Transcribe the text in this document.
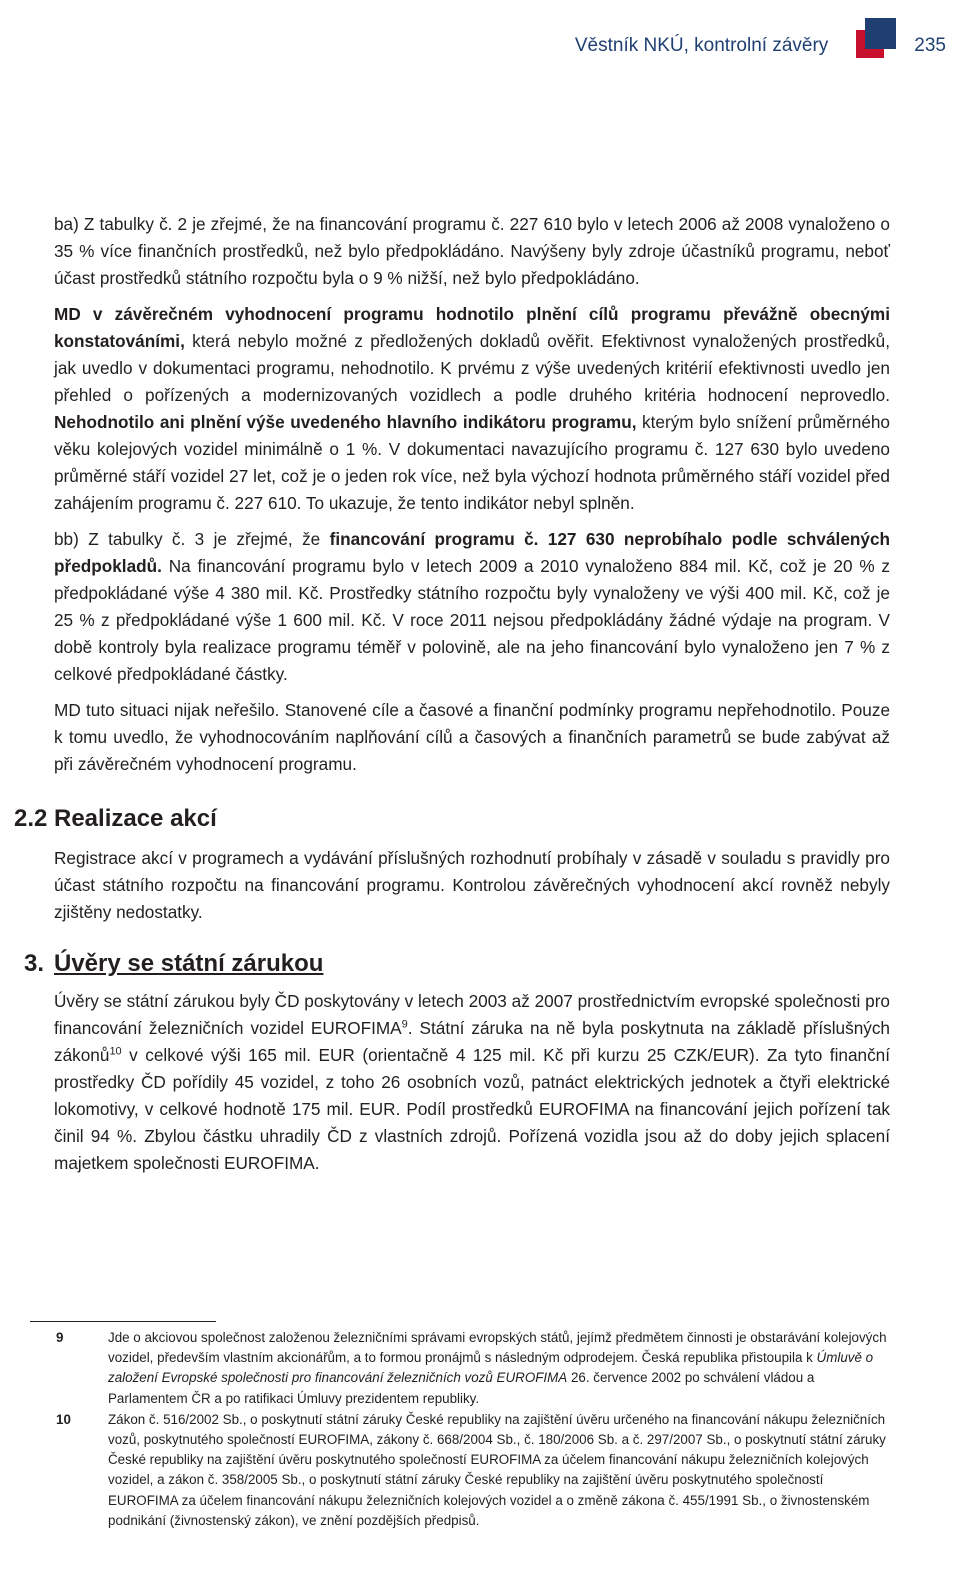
Věstník NKÚ, kontrolní závěry	235

ba) Z tabulky č. 2 je zřejmé, že na financování programu č. 227 610 bylo v letech 2006 až 2008 vynaloženo o 35 % více finančních prostředků, než bylo předpokládáno. Navýšeny byly zdroje účastníků programu, neboť účast prostředků státního rozpočtu byla o 9 % nižší, než bylo předpokládáno.

MD v závěrečném vyhodnocení programu hodnotilo plnění cílů programu převážně obecnými konstatováními, která nebylo možné z předložených dokladů ověřit. Efektivnost vynaložených prostředků, jak uvedlo v dokumentaci programu, nehodnotilo. K prvému z výše uvedených kritérií efektivnosti uvedlo jen přehled o pořízených a modernizovaných vozidlech a podle druhého kritéria hodnocení neprovedlo. Nehodnotilo ani plnění výše uvedeného hlavního indikátoru programu, kterým bylo snížení průměrného věku kolejových vozidel minimálně o 1 %. V dokumentaci navazujícího programu č. 127 630 bylo uvedeno průměrné stáří vozidel 27 let, což je o jeden rok více, než byla výchozí hodnota průměrného stáří vozidel před zahájením programu č. 227 610. To ukazuje, že tento indikátor nebyl splněn.

bb) Z tabulky č. 3 je zřejmé, že financování programu č. 127 630 neprobíhalo podle schválených předpokladů. Na financování programu bylo v letech 2009 a 2010 vynaloženo 884 mil. Kč, což je 20 % z předpokládané výše 4 380 mil. Kč. Prostředky státního rozpočtu byly vynaloženy ve výši 400 mil. Kč, což je 25 % z předpokládané výše 1 600 mil. Kč. V roce 2011 nejsou předpokládány žádné výdaje na program. V době kontroly byla realizace programu téměř v polovině, ale na jeho financování bylo vynaloženo jen 7 % z celkové předpokládané částky.

MD tuto situaci nijak neřešilo. Stanovené cíle a časové a finanční podmínky programu nepřehodnotilo. Pouze k tomu uvedlo, že vyhodnocováním naplňování cílů a časových a finančních parametrů se bude zabývat až při závěrečném vyhodnocení programu.

2.2 Realizace akcí

Registrace akcí v programech a vydávání příslušných rozhodnutí probíhaly v zásadě v souladu s pravidly pro účast státního rozpočtu na financování programu. Kontrolou závěrečných vyhodnocení akcí rovněž nebyly zjištěny nedostatky.

3. Úvěry se státní zárukou

Úvěry se státní zárukou byly ČD poskytovány v letech 2003 až 2007 prostřednictvím evropské společnosti pro financování železničních vozidel EUROFIMA$^9$. Státní záruka na ně byla poskytnuta na základě příslušných zákonů$^{10}$ v celkové výši 165 mil. EUR (orientačně 4 125 mil. Kč při kurzu 25 CZK/EUR). Za tyto finanční prostředky ČD pořídily 45 vozidel, z toho 26 osobních vozů, patnáct elektrických jednotek a čtyři elektrické lokomotivy, v celkové hodnotě 175 mil. EUR. Podíl prostředků EUROFIMA na financování jejich pořízení tak činil 94 %. Zbylou částku uhradily ČD z vlastních zdrojů. Pořízená vozidla jsou až do doby jejich splacení majetkem společnosti EUROFIMA.

9	Jde o akciovou společnost založenou železničními správami evropských států, jejímž předmětem činnosti je obstarávání kolejových vozidel, především vlastním akcionářům, a to formou pronájmů s následným odprodejem. Česká republika přistoupila k Úmluvě o založení Evropské společnosti pro financování železničních vozů EUROFIMA 26. července 2002 po schválení vládou a Parlamentem ČR a po ratifikaci Úmluvy prezidentem republiky.
10	Zákon č. 516/2002 Sb., o poskytnutí státní záruky České republiky na zajištění úvěru určeného na financování nákupu železničních vozů, poskytnutého společností EUROFIMA, zákony č. 668/2004 Sb., č. 180/2006 Sb. a č. 297/2007 Sb., o poskytnutí státní záruky České republiky na zajištění úvěru poskytnutého společností EUROFIMA za účelem financování nákupu železničních kolejových vozidel, a zákon č. 358/2005 Sb., o poskytnutí státní záruky České republiky na zajištění úvěru poskytnutého společností EUROFIMA za účelem financování nákupu železničních kolejových vozidel a o změně zákona č. 455/1991 Sb., o živnostenském podnikání (živnostenský zákon), ve znění pozdějších předpisů.
